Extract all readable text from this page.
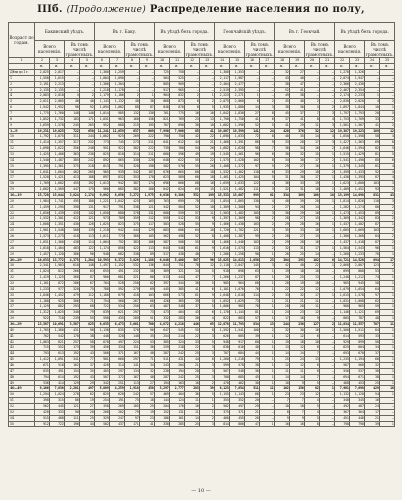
IIIб. (Продолжение) Распределение населения по полу,
Возраст по годам.	Бакинский уѣздъ.				Въ г. Баку.				Въ уѣздѣ безъ города.				Геокчайскій уѣздъ.				Въ г. Геокчай.				Въ уѣздѣ безъ города.			
	Всего населенія.		Въ томъ числѣ грамотныхъ.		Всего населенія.		Въ томъ числѣ грамотныхъ.		Всего населенія.		Въ томъ числѣ грамотныхъ.		Всего населенія.		Въ томъ числѣ грамотныхъ.		Всего населенія.		Въ томъ числѣ грамотныхъ.		Всего населенія.		Въ томъ числѣ грамотныхъ.	
1	2	3	4	5	6	7	8	9	10	11	12	13	14	15	16	17	18	19	20	21	22	23	24	25
	м.	ж.	м.	ж.	м.	ж.	м.	ж.	м.	ж.	м.	ж.	м.	ж.	м.	ж.	м.	ж.	м.	ж.	м.	ж.	м.	ж.
Дѣти до 1 г.	2,025	2,017	—	—	1,300	1,259	—	—	725	758	—	—	1,300	1,353	—	—	32	27	—	—	1,278	1,326	—	—
1	1,558	1,615	—	—	1,004	1,090	—	—	564	525	—	—	2,117	1,987	—	—	43	40	—	—	2,074	1,947	—	—
2	2,191	2,213	—	—	1,306	1,304	—	—	885	909	—	—	2,404	2,477	—	—	38	47	—	—	2,366	2,430	—	—
3	2,135	2,135	—	—	1,218	1,170	—	—	917	965	—	—	2,519	2,395	—	—	52	41	—	—	2,467	2,354	—	—
4	2,083	2,018	4	2	1,179	1,186	2	1	904	832	2	1	2,223	2,271	1	—	49	38	—	—	2,174	2,233	1	—
5	2,011	2,005	46	40	1,143	1,132	40	38	868	873	6	2	2,075	2,060	6	2	45	40	2	—	2,030	2,020	4	2
6	1,942	1,952	96	92	1,094	1,082	88	87	848	870	8	5	1,935	1,880	14	3	38	36	4	2	1,897	1,844	10	1
7	1,775	1,760	148	140	1,014	985	132	130	761	775	16	10	1,842	1,830	27	8	45	37	7	3	1,797	1,793	20	5
8	1,852	1,732	183	171	1,031	963	160	158	821	769	23	13	1,790	1,750	41	6	37	41	8	4	1,753	1,709	33	2
9	1,659	1,578	245	205	952	888	215	195	707	690	30	10	1,602	1,596	52	5	41	29	11	3	1,561	1,567	41	2
1—9	19,231	19,025	722	650	11,241	11,059	637	609	7,990	7,966	85	41	19,807	19,599	141	24	420	376	32	12	19,387	19,223	109	12
10	1,792	1,675	311	244	1,002	925	269	222	790	750	42	22	1,690	1,633	72	8	40	35	14	4	1,650	1,598	58	4
11	1,414	1,357	317	232	773	745	273	211	641	612	44	21	1,460	1,391	86	9	33	28	17	3	1,427	1,363	69	6
12	1,690	1,622	356	248	951	922	302	222	739	700	54	26	1,682	1,628	98	7	36	34	16	2	1,646	1,594	82	5
13	1,425	1,406	363	230	825	810	314	211	600	596	49	19	1,545	1,461	96	6	30	32	15	1	1,515	1,429	81	5
14	1,540	1,487	385	242	892	865	330	220	648	622	55	22	1,575	1,520	102	8	34	30	17	2	1,541	1,490	85	6
15	1,395	1,361	375	218	813	791	320	198	582	570	55	20	1,408	1,372	97	5	29	27	16	1	1,379	1,345	81	4
16	1,641	1,604	402	205	965	939	342	187	676	665	60	18	1,532	1,462	110	6	33	29	18	2	1,499	1,433	92	4
17	1,520	1,421	413	188	897	832	353	170	623	589	60	18	1,461	1,425	104	5	31	30	17	1	1,430	1,395	87	4
18	1,709	1,602	455	192	1,013	942	387	174	696	660	68	18	1,659	1,633	122	4	36	33	19	1	1,623	1,600	103	3
19	1,602	1,509	447	175	960	885	382	160	642	624	65	15	1,521	1,482	111	3	32	31	18	1	1,489	1,451	93	2
10—19	15,728	15,044	3,824	2,174	9,092	8,656	3,272	1,975	6,636	6,388	552	199	15,533	15,007	999	61	334	309	168	18	15,199	14,698	831	43
20	1,984	1,741	495	180	1,221	1,042	425	165	763	699	70	15	1,854	1,865	130	4	40	39	20	1	1,814	1,826	110	3
21	1,459	1,295	390	131	917	791	338	121	542	504	52	10	1,309	1,300	94	2	27	26	14	—	1,282	1,274	80	2
22	1,650	1,439	435	142	1,050	880	378	131	600	559	57	11	1,503	1,482	105	3	30	29	16	1	1,473	1,453	89	2
23	1,532	1,301	412	121	973	789	359	112	559	512	53	9	1,397	1,369	98	2	28	27	15	—	1,369	1,342	83	2
24	1,608	1,351	430	126	1,025	823	375	117	583	528	55	9	1,466	1,430	103	2	29	28	16	1	1,437	1,402	87	1
25	1,901	1,548	508	139	1,218	942	444	129	683	606	64	10	1,720	1,702	121	3	35	33	18	1	1,685	1,669	103	2
26	1,573	1,273	418	113	1,011	775	366	105	562	498	52	8	1,408	1,387	99	2	28	27	15	—	1,380	1,360	84	2
27	1,651	1,300	438	114	1,064	792	383	106	587	508	55	8	1,466	1,446	103	2	29	28	16	—	1,437	1,418	87	2
28	1,818	1,404	483	122	1,174	856	422	113	644	548	61	9	1,616	1,574	113	2	32	31	17	1	1,584	1,543	96	1
29	1,457	1,120	386	96	940	682	338	89	517	438	48	7	1,286	1,258	90	1	26	25	14	—	1,260	1,233	76	1
20—29	16,633	13,772	4,375	1,284	10,593	8,372	3,828	1,188	6,040	5,400	567	96	15,025	14,813	1,056	23	304	293	162	6	14,721	14,520	894	17
30	2,341	1,903	610	148	1,497	1,152	532	136	844	751	78	12	2,110	2,047	145	3	42	40	22	1	2,068	2,007	123	2
31	1,024	812	266	63	655	491	232	58	369	321	34	5	918	898	63	1	19	18	10	—	899	880	53	1
32	1,419	1,125	368	87	906	681	321	80	513	444	47	7	1,266	1,237	87	1	26	25	13	—	1,240	1,212	74	1
33	1,101	872	286	67	704	528	250	62	397	344	36	5	985	964	68	1	20	19	10	—	965	945	58	1
34	1,233	977	320	75	788	592	279	69	445	385	41	6	1,101	1,076	76	1	22	22	12	—	1,079	1,054	64	1
35	1,846	1,452	479	112	1,180	879	418	103	666	573	61	9	1,648	1,610	114	2	33	32	17	1	1,615	1,578	97	1
36	1,180	925	306	71	754	560	267	66	426	365	39	5	1,052	1,029	73	1	21	21	11	—	1,031	1,008	62	1
37	1,129	882	293	68	722	534	256	63	407	348	37	5	1,006	985	70	1	20	20	11	—	986	965	59	1
38	1,312	1,025	340	79	839	621	297	73	473	404	43	6	1,170	1,144	81	1	24	23	12	—	1,146	1,121	69	1
39	922	718	239	55	590	435	209	51	332	283	30	4	822	803	57	1	17	16	9	—	805	787	48	1
30—39	13,507	10,691	3,507	825	8,635	6,473	3,061	760	4,872	4,218	446	65	12,078	11,793	834	13	244	236	127	2	11,834	11,557	707	11
40	1,785	1,380	431	98	1,138	835	376	90	647	545	55	8	1,592	1,541	100	2	32	30	16	1	1,560	1,511	84	1
41	702	542	170	38	448	328	148	35	254	214	22	3	626	605	39	1	12	12	6	—	614	593	33	1
42	1,063	821	257	58	678	497	224	53	385	324	33	5	948	917	60	1	19	18	10	—	929	899	50	1
43	715	552	173	39	456	334	151	36	259	218	22	3	638	616	40	1	13	12	6	—	625	604	34	1
44	793	613	192	43	506	371	167	40	287	242	25	3	707	684	44	1	14	14	7	—	693	670	37	1
45	1,412	1,091	341	77	901	660	297	71	511	431	44	6	1,260	1,218	79	1	25	24	13	—	1,235	1,194	66	1
46	671	518	162	37	428	314	141	34	243	204	21	3	599	578	38	1	12	12	6	—	587	566	32	1
47	635	491	154	35	405	297	134	32	230	194	20	3	567	548	36	1	11	11	6	—	556	537	30	1
48	794	614	192	43	507	372	167	40	287	242	25	3	708	685	45	1	14	14	7	—	694	671	38	1
49	536	414	129	29	342	251	113	27	194	163	16	2	478	462	30	1	10	9	5	—	468	453	25	1
40—49	9,106	7,036	2,201	497	5,809	4,259	1,918	458	3,297	2,777	283	39	8,123	7,854	511	11	162	156	82	1	7,961	7,698	429	10
50	1,294	1,024	278	62	825	620	242	57	469	404	36	5	1,155	1,143	66	1	23	23	12	—	1,132	1,120	54	1
51	398	315	86	19	254	191	75	18	144	124	11	1	355	352	20	—	7	7	4	—	348	345	16	—
52	562	445	121	27	358	269	105	25	204	176	16	2	502	497	29	—	10	10	5	—	492	487	24	—
53	420	333	90	20	268	202	79	19	152	131	11	1	375	371	21	—	8	7	4	—	367	364	17	—
54	515	408	111	25	329	247	97	23	186	161	14	2	460	455	26	—	9	9	5	—	451	446	21	—
55	912	722	196	44	582	437	171	41	330	285	25	3	814	806	47	1	16	16	8	—	798	790	39	1
— 10 —
